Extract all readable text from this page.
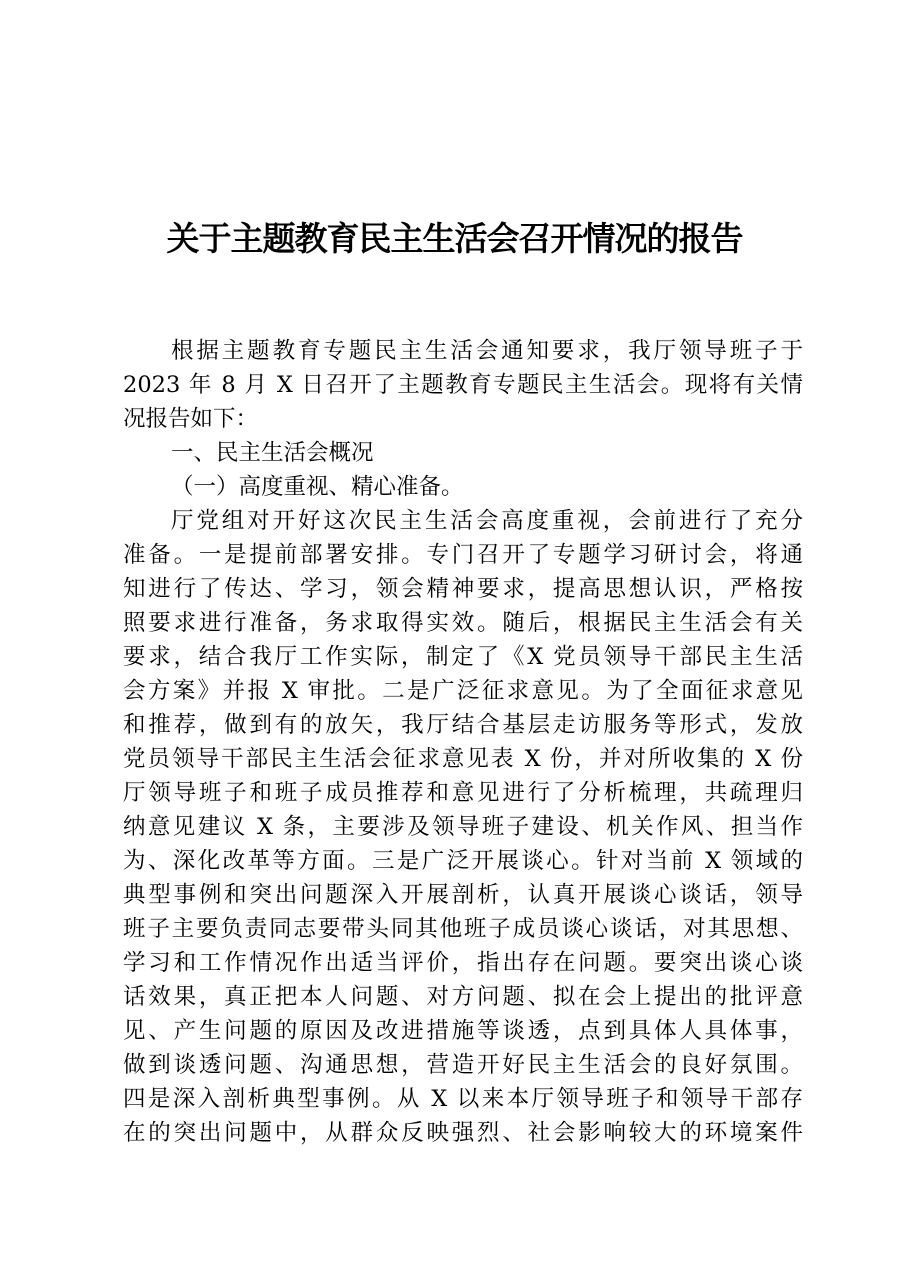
关于主题教育民主生活会召开情况的报告
根据主题教育专题民主生活会通知要求，我厅领导班子于
2023 年 8 月 X 日召开了主题教育专题民主生活会。现将有关情
况报告如下：
一、民主生活会概况
（一）高度重视、精心准备。
厅党组对开好这次民主生活会高度重视，会前进行了充分
准备。一是提前部署安排。专门召开了专题学习研讨会，将通
知进行了传达、学习，领会精神要求，提高思想认识，严格按
照要求进行准备，务求取得实效。随后，根据民主生活会有关
要求，结合我厅工作实际，制定了《X 党员领导干部民主生活
会方案》并报 X 审批。二是广泛征求意见。为了全面征求意见
和推荐，做到有的放矢，我厅结合基层走访服务等形式，发放
党员领导干部民主生活会征求意见表 X 份，并对所收集的 X 份
厅领导班子和班子成员推荐和意见进行了分析梳理，共疏理归
纳意见建议 X 条，主要涉及领导班子建设、机关作风、担当作
为、深化改革等方面。三是广泛开展谈心。针对当前 X 领域的
典型事例和突出问题深入开展剖析，认真开展谈心谈话，领导
班子主要负责同志要带头同其他班子成员谈心谈话，对其思想、
学习和工作情况作出适当评价，指出存在问题。要突出谈心谈
话效果，真正把本人问题、对方问题、拟在会上提出的批评意
见、产生问题的原因及改进措施等谈透，点到具体人具体事，
做到谈透问题、沟通思想，营造开好民主生活会的良好氛围。
四是深入剖析典型事例。从 X 以来本厅领导班子和领导干部存
在的突出问题中，从群众反映强烈、社会影响较大的环境案件
